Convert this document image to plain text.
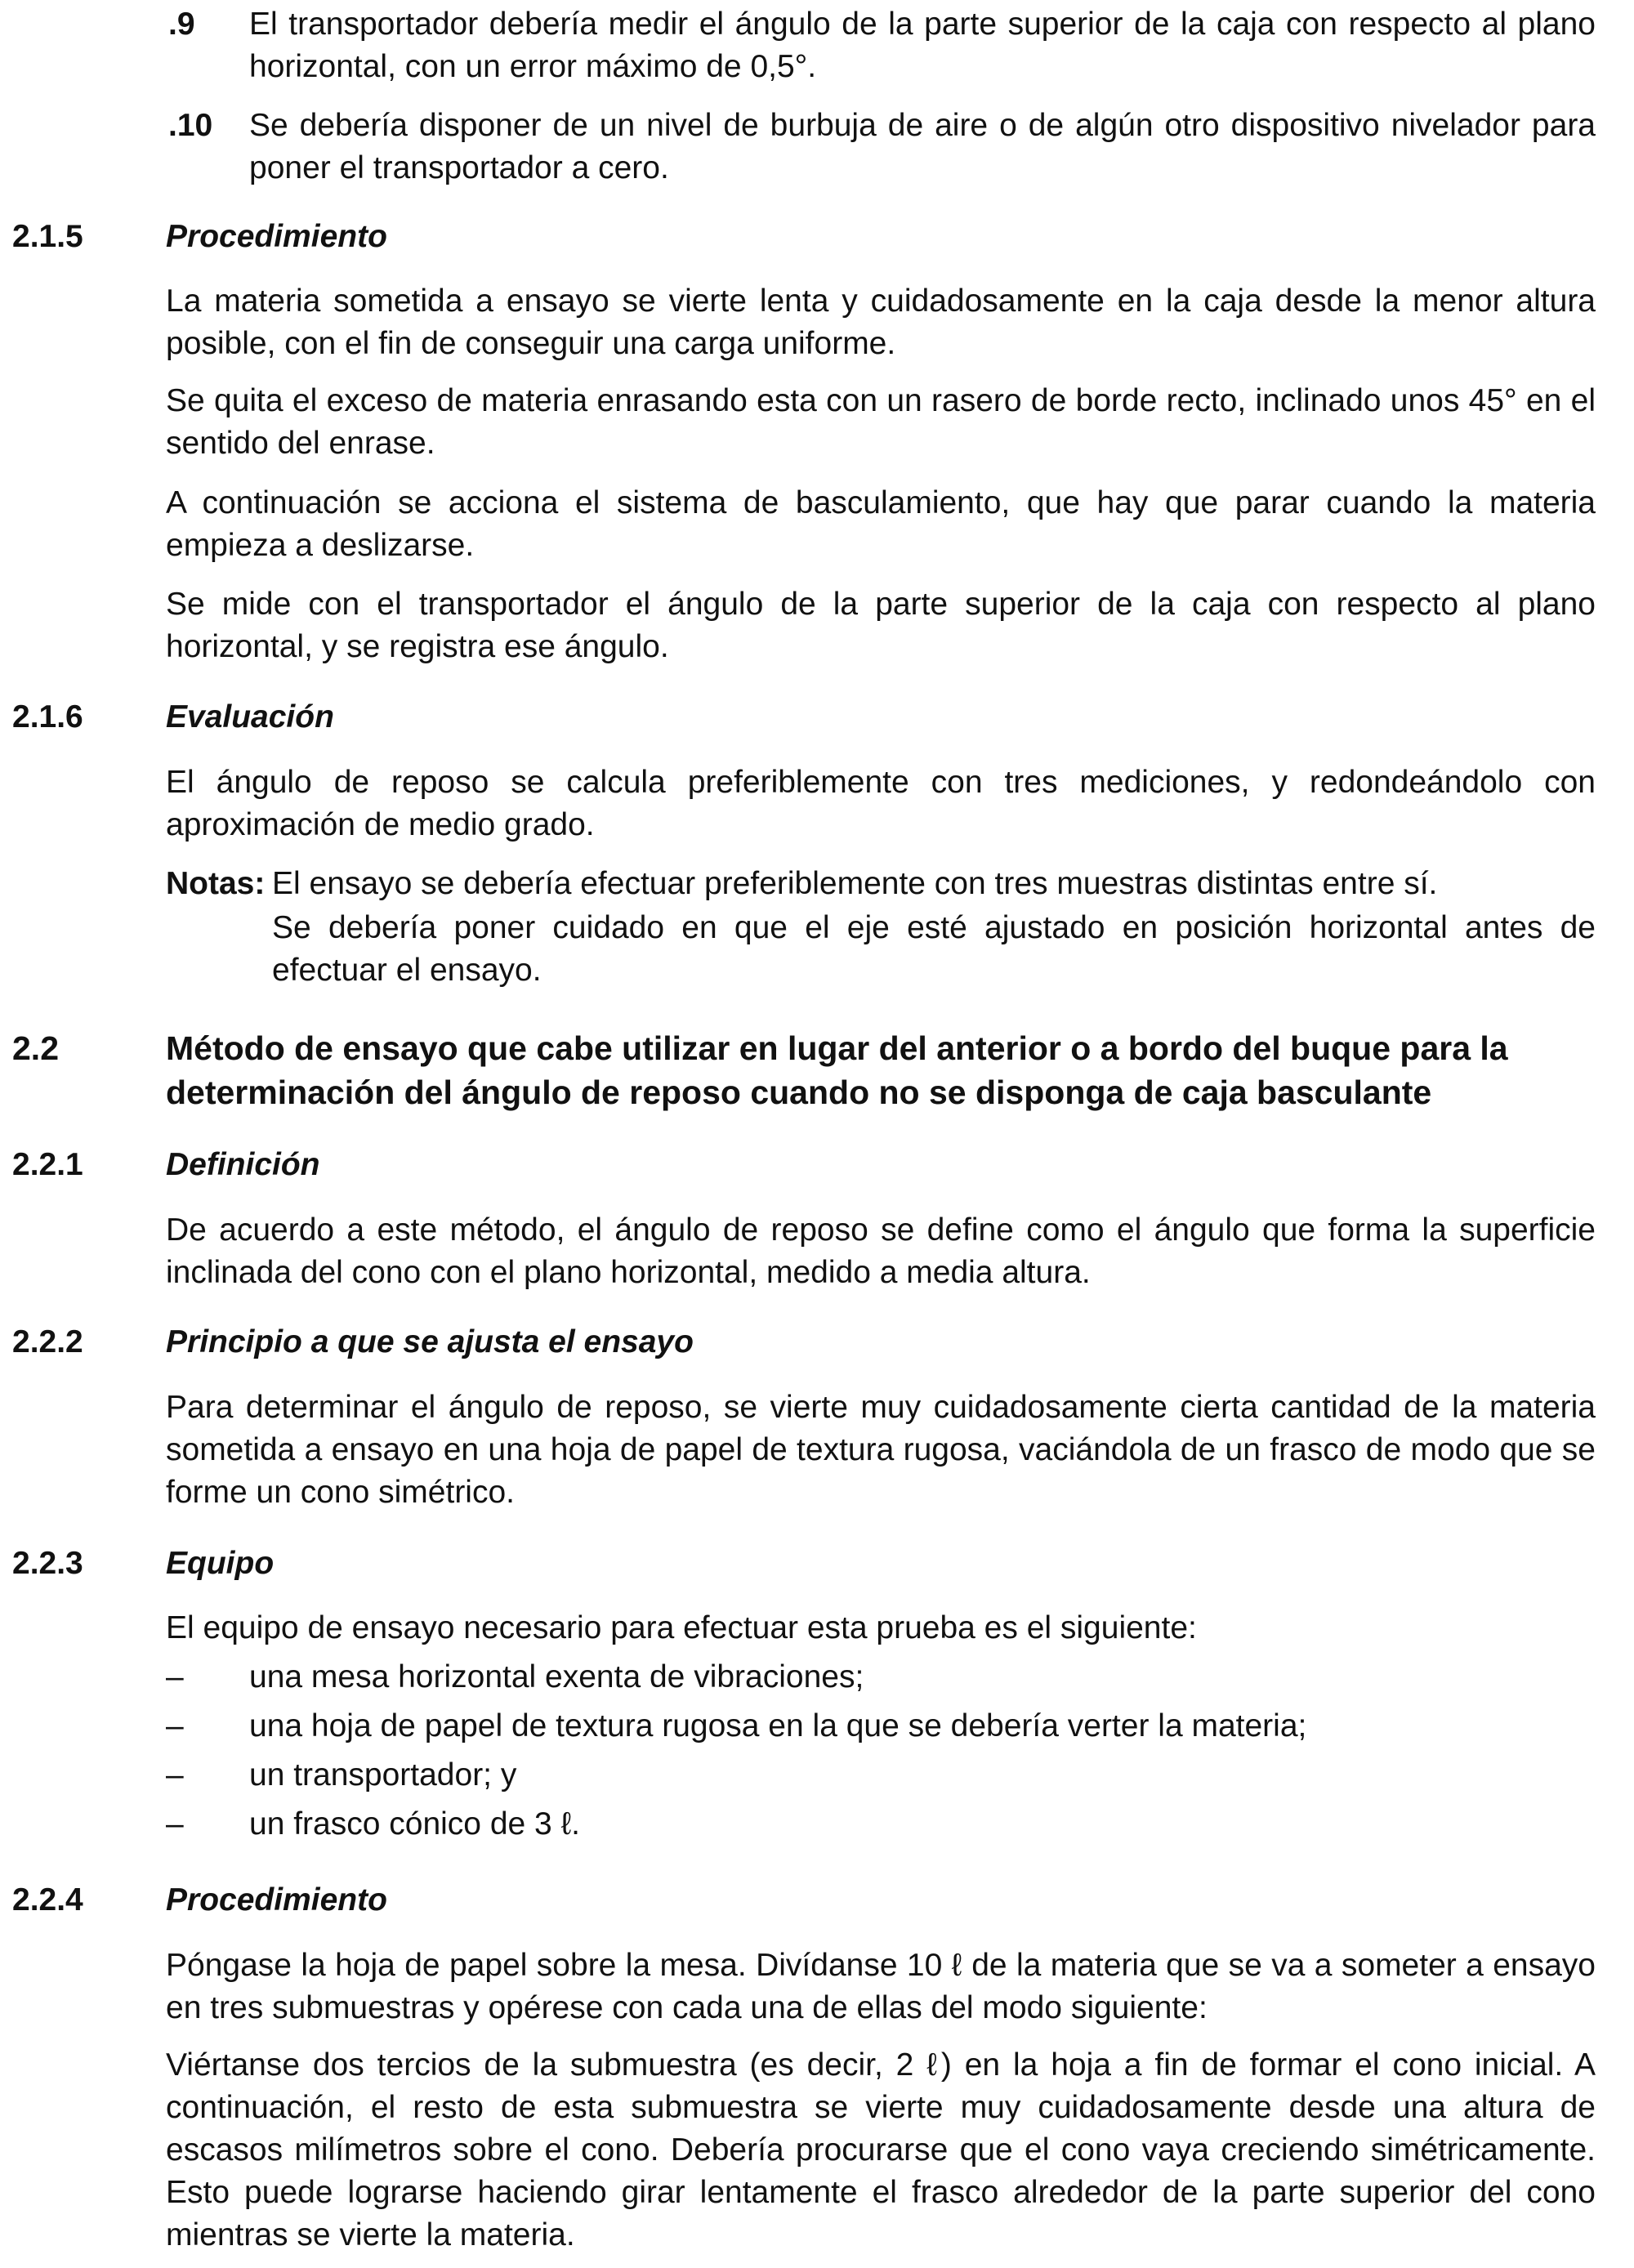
.9 El transportador debería medir el ángulo de la parte superior de la caja con respecto al plano horizontal, con un error máximo de 0,5°.
.10 Se debería disponer de un nivel de burbuja de aire o de algún otro dispositivo nivelador para poner el transportador a cero.
2.1.5	Procedimiento
La materia sometida a ensayo se vierte lenta y cuidadosamente en la caja desde la menor altura posible, con el fin de conseguir una carga uniforme.
Se quita el exceso de materia enrasando esta con un rasero de borde recto, inclinado unos 45° en el sentido del enrase.
A continuación se acciona el sistema de basculamiento, que hay que parar cuando la materia empieza a deslizarse.
Se mide con el transportador el ángulo de la parte superior de la caja con respecto al plano horizontal, y se registra ese ángulo.
2.1.6	Evaluación
El ángulo de reposo se calcula preferiblemente con tres mediciones, y redondeándolo con aproximación de medio grado.
Notas: El ensayo se debería efectuar preferiblemente con tres muestras distintas entre sí.
Se debería poner cuidado en que el eje esté ajustado en posición horizontal antes de efectuar el ensayo.
2.2	Método de ensayo que cabe utilizar en lugar del anterior o a bordo del buque para la determinación del ángulo de reposo cuando no se disponga de caja basculante
2.2.1	Definición
De acuerdo a este método, el ángulo de reposo se define como el ángulo que forma la superficie inclinada del cono con el plano horizontal, medido a media altura.
2.2.2	Principio a que se ajusta el ensayo
Para determinar el ángulo de reposo, se vierte muy cuidadosamente cierta cantidad de la materia sometida a ensayo en una hoja de papel de textura rugosa, vaciándola de un frasco de modo que se forme un cono simétrico.
2.2.3	Equipo
El equipo de ensayo necesario para efectuar esta prueba es el siguiente:
– una mesa horizontal exenta de vibraciones;
– una hoja de papel de textura rugosa en la que se debería verter la materia;
– un transportador; y
– un frasco cónico de 3 ℓ.
2.2.4	Procedimiento
Póngase la hoja de papel sobre la mesa. Divídanse 10 ℓ de la materia que se va a someter a ensayo en tres submuestras y opérese con cada una de ellas del modo siguiente:
Viértanse dos tercios de la submuestra (es decir, 2 ℓ) en la hoja a fin de formar el cono inicial. A continuación, el resto de esta submuestra se vierte muy cuidadosamente desde una altura de escasos milímetros sobre el cono. Debería procurarse que el cono vaya creciendo simétricamente. Esto puede lograrse haciendo girar lentamente el frasco alrededor de la parte superior del cono mientras se vierte la materia.
